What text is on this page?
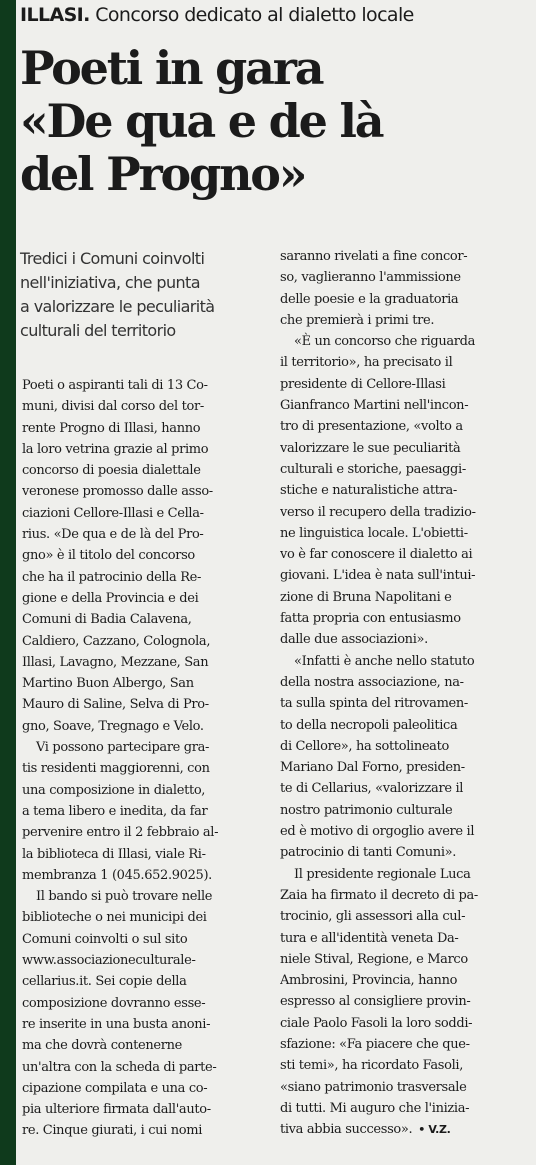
ILLASI. Concorso dedicato al dialetto locale
Poeti in gara
«De qua e de là
del Progno»
Tredici i Comuni coinvolti
nell'iniziativa, che punta
a valorizzare le peculiarità
culturali del territorio
Poeti o aspiranti tali di 13 Co-
muni, divisi dal corso del tor-
rente Progno di Illasi, hanno
la loro vetrina grazie al primo
concorso di poesia dialettale
veronese promosso dalle asso-
ciazioni Cellore-Illasi e Cella-
rius. «De qua e de là del Pro-
gno» è il titolo del concorso
che ha il patrocinio della Re-
gione e della Provincia e dei
Comuni di Badia Calavena,
Caldiero, Cazzano, Colognola,
Illasi, Lavagno, Mezzane, San
Martino Buon Albergo, San
Mauro di Saline, Selva di Pro-
gno, Soave, Tregnago e Velo.
Vi possono partecipare gra-
tis residenti maggiorenni, con
una composizione in dialetto,
a tema libero e inedita, da far
pervenire entro il 2 febbraio al-
la biblioteca di Illasi, viale Ri-
membranza 1 (045.652.9025).
Il bando si può trovare nelle
biblioteche o nei municipi dei
Comuni coinvolti o sul sito
www.associazioneculturale-
cellarius.it. Sei copie della
composizione dovranno esse-
re inserite in una busta anoni-
ma che dovrà contenerne
un'altra con la scheda di parte-
cipazione compilata e una co-
pia ulteriore firmata dall'auto-
re. Cinque giurati, i cui nomi
saranno rivelati a fine concor-
so, vaglieranno l'ammissione
delle poesie e la graduatoria
che premierà i primi tre.
«È un concorso che riguarda
il territorio», ha precisato il
presidente di Cellore-Illasi
Gianfranco Martini nell'incon-
tro di presentazione, «volto a
valorizzare le sue peculiarità
culturali e storiche, paesaggi-
stiche e naturalistiche attra-
verso il recupero della tradizio-
ne linguistica locale. L'obietti-
vo è far conoscere il dialetto ai
giovani. L'idea è nata sull'intui-
zione di Bruna Napolitani e
fatta propria con entusiasmo
dalle due associazioni».
«Infatti è anche nello statuto
della nostra associazione, na-
ta sulla spinta del ritrovamen-
to della necropoli paleolitica
di Cellore», ha sottolineato
Mariano Dal Forno, presiden-
te di Cellarius, «valorizzare il
nostro patrimonio culturale
ed è motivo di orgoglio avere il
patrocinio di tanti Comuni».
Il presidente regionale Luca
Zaia ha firmato il decreto di pa-
trocinio, gli assessori alla cul-
tura e all'identità veneta Da-
niele Stival, Regione, e Marco
Ambrosini, Provincia, hanno
espresso al consigliere provin-
ciale Paolo Fasoli la loro soddi-
sfazione: «Fa piacere che que-
sti temi», ha ricordato Fasoli,
«siano patrimonio trasversale
di tutti. Mi auguro che l'inizia-
tiva abbia successo». • V.Z.
